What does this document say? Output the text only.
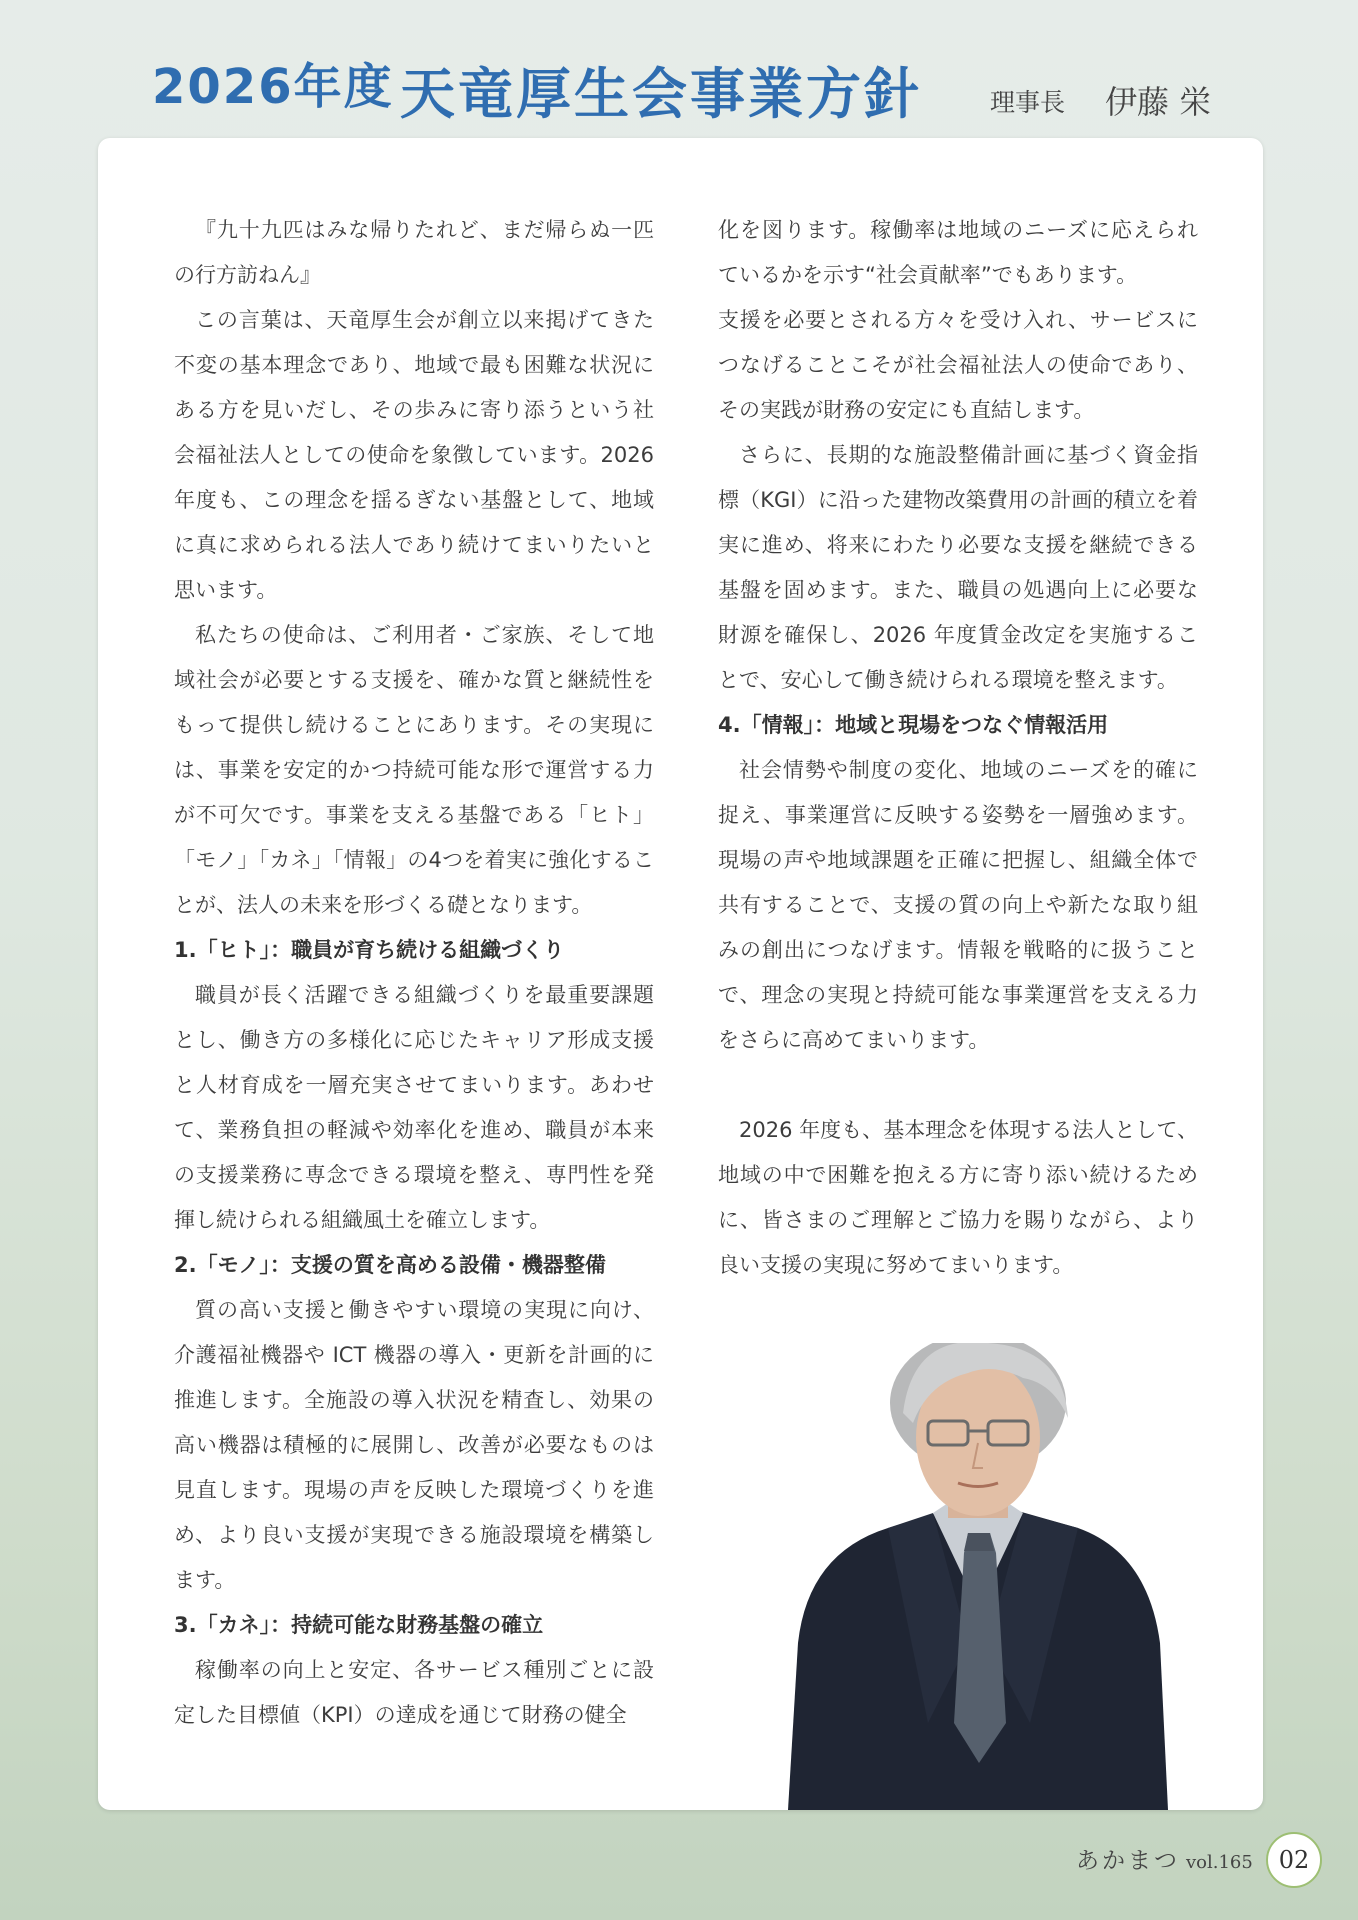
2026年度 天竜厚生会事業方針	理事長 伊藤 栄

『九十九匹はみな帰りたれど、まだ帰らぬ一匹の行方訪ねん』

この言葉は、天竜厚生会が創立以来掲げてきた不変の基本理念であり、地域で最も困難な状況にある方を見いだし、その歩みに寄り添うという社会福祉法人としての使命を象徴しています。2026 年度も、この理念を揺るぎない基盤として、地域に真に求められる法人であり続けてまいりたいと思います。

私たちの使命は、ご利用者・ご家族、そして地域社会が必要とする支援を、確かな質と継続性をもって提供し続けることにあります。その実現には、事業を安定的かつ持続可能な形で運営する力が不可欠です。事業を支える基盤である「ヒト」「モノ」「カネ」「情報」の4つを着実に強化することが、法人の未来を形づくる礎となります。

1.「ヒト」：職員が育ち続ける組織づくり

職員が長く活躍できる組織づくりを最重要課題とし、働き方の多様化に応じたキャリア形成支援と人材育成を一層充実させてまいります。あわせて、業務負担の軽減や効率化を進め、職員が本来の支援業務に専念できる環境を整え、専門性を発揮し続けられる組織風土を確立します。

2.「モノ」：支援の質を高める設備・機器整備

質の高い支援と働きやすい環境の実現に向け、介護福祉機器や ICT 機器の導入・更新を計画的に推進します。全施設の導入状況を精査し、効果の高い機器は積極的に展開し、改善が必要なものは見直します。現場の声を反映した環境づくりを進め、より良い支援が実現できる施設環境を構築します。

3.「カネ」：持続可能な財務基盤の確立

稼働率の向上と安定、各サービス種別ごとに設定した目標値（KPI）の達成を通じて財務の健全

化を図ります。稼働率は地域のニーズに応えられているかを示す“社会貢献率”でもあります。

支援を必要とされる方々を受け入れ、サービスにつなげることこそが社会福祉法人の使命であり、その実践が財務の安定にも直結します。

さらに、長期的な施設整備計画に基づく資金指標（KGI）に沿った建物改築費用の計画的積立を着実に進め、将来にわたり必要な支援を継続できる基盤を固めます。また、職員の処遇向上に必要な財源を確保し、2026 年度賃金改定を実施することで、安心して働き続けられる環境を整えます。

4.「情報」：地域と現場をつなぐ情報活用

社会情勢や制度の変化、地域のニーズを的確に捉え、事業運営に反映する姿勢を一層強めます。現場の声や地域課題を正確に把握し、組織全体で共有することで、支援の質の向上や新たな取り組みの創出につなげます。情報を戦略的に扱うことで、理念の実現と持続可能な事業運営を支える力をさらに高めてまいります。

2026 年度も、基本理念を体現する法人として、地域の中で困難を抱える方に寄り添い続けるために、皆さまのご理解とご協力を賜りながら、より良い支援の実現に努めてまいります。

あかまつ vol.165	02
